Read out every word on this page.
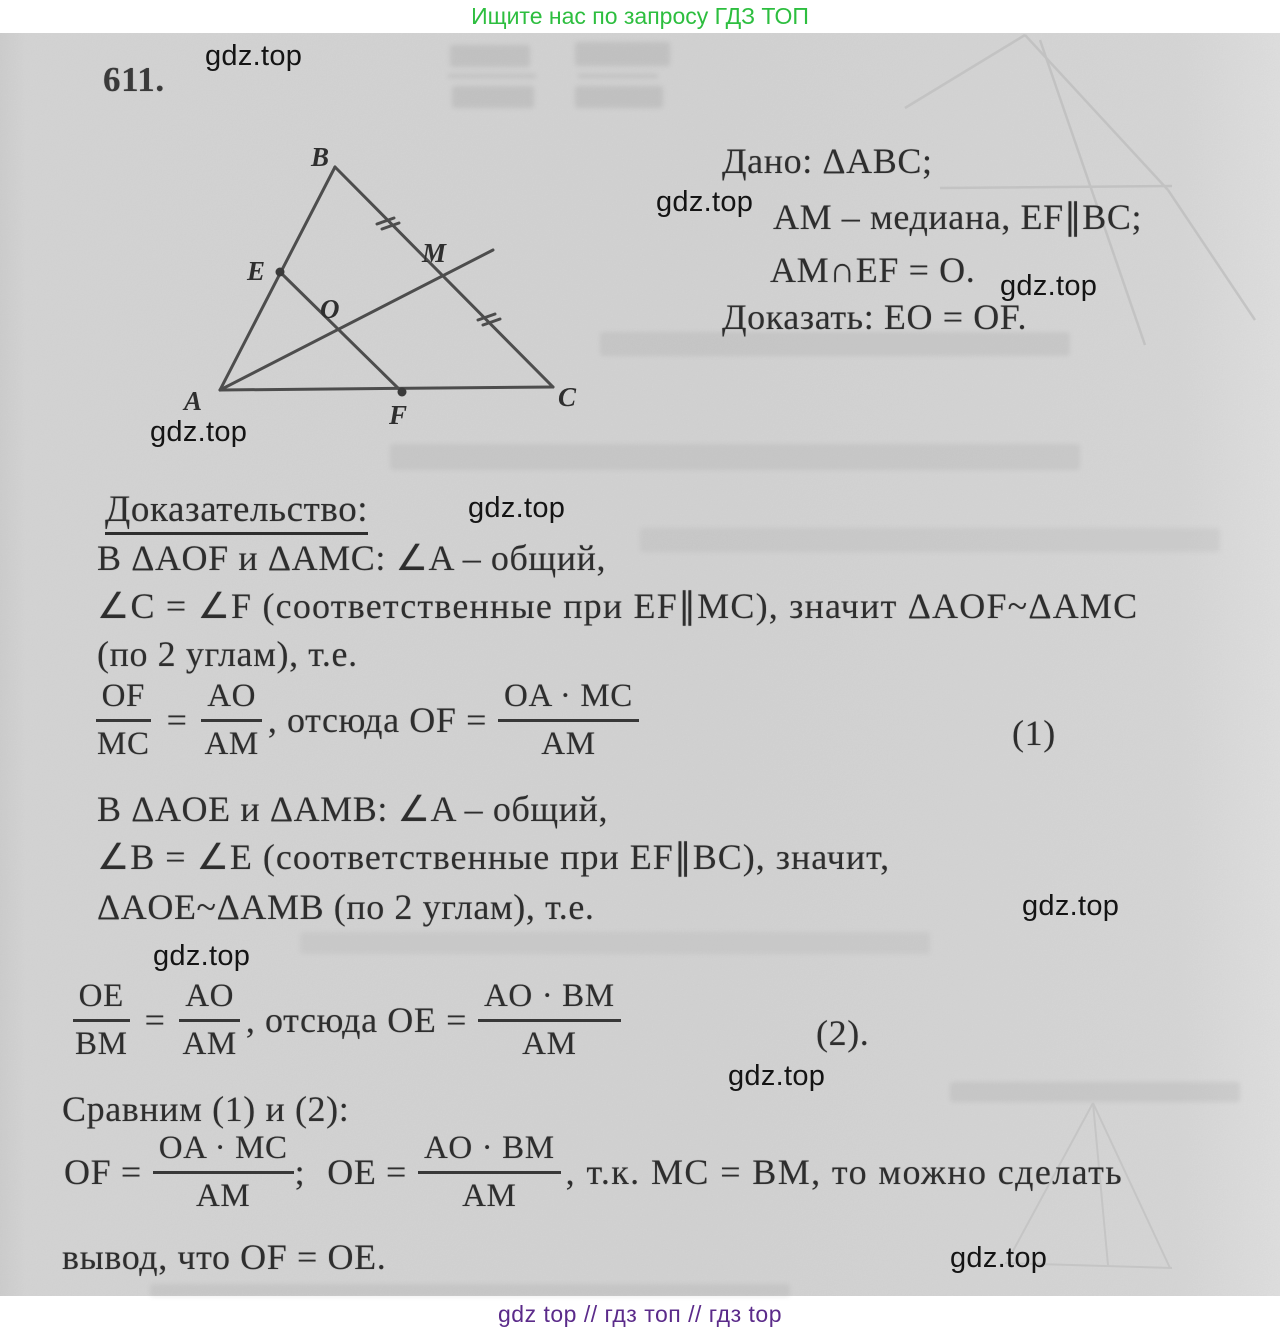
Ищите нас по запросу ГДЗ ТОП
gdz.top
gdz.top
gdz.top
gdz.top
gdz.top
gdz.top
gdz.top
gdz.top
gdz.top
611.
A
B
C
E
M
O
F
Дано: ΔABC;
AM – медиана, EF∥BC;
AM∩EF = O.
Доказать: EO = OF.
Доказательство:
В ΔAOF и ΔAMC: ∠A – общий,
∠C = ∠F (соответственные при EF∥MC), значит ΔAOF~ΔAMC
(по 2 углам), т.е.
$\frac{OF}{MC} = \frac{AO}{AM}$ , отсюда OF = $\frac{OA \cdot MC}{AM}$	(1)
В ΔAOE и ΔAMB: ∠A – общий,
∠B = ∠E (соответственные при EF∥BC), значит,
ΔAOE~ΔAMB (по 2 углам), т.е.
$\frac{OE}{BM} = \frac{AO}{AM}$ , отсюда OE = $\frac{AO \cdot BM}{AM}$	(2).
Сравним (1) и (2):
OF = $\frac{OA \cdot MC}{AM}$ ; OE = $\frac{AO \cdot BM}{AM}$ , т.к. MC = BM, то можно сделать
вывод, что OF = OE.
gdz top // гдз топ // гдз top
